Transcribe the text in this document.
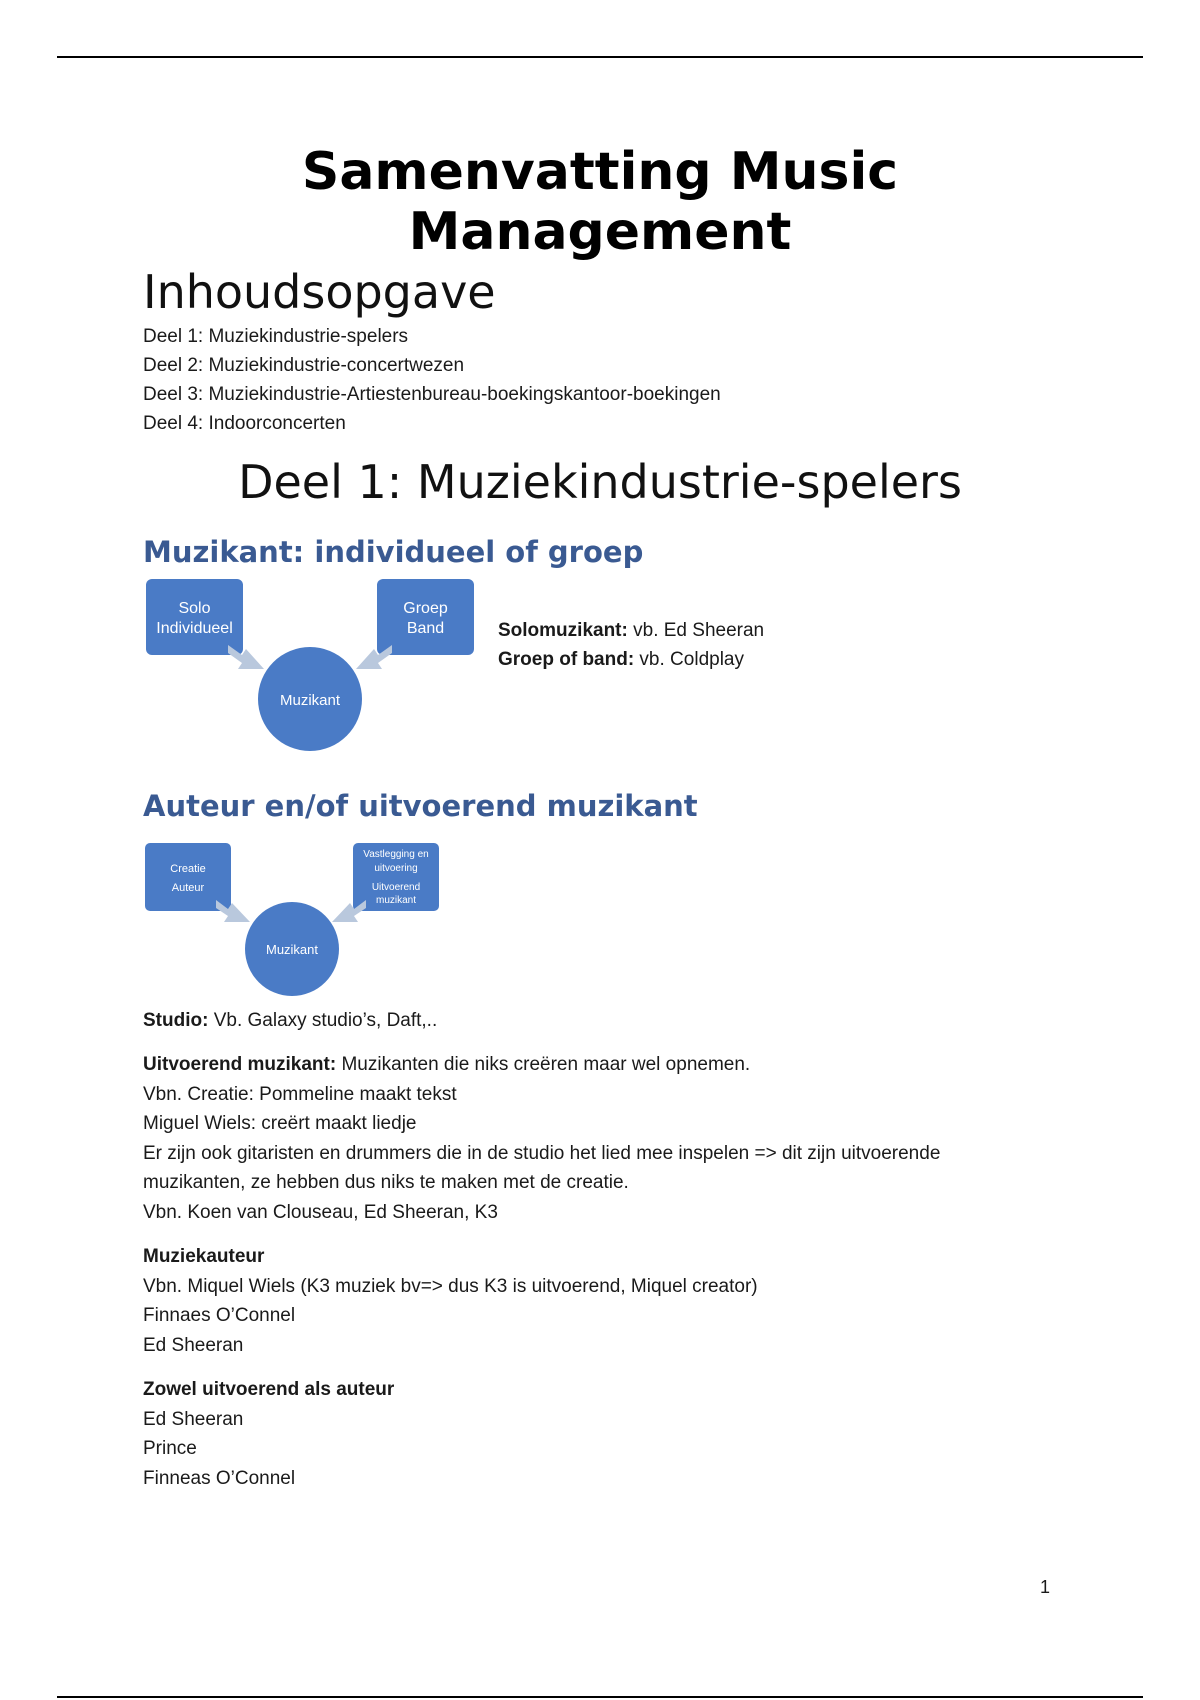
Samenvatting Music
Management
Inhoudsopgave
Deel 1: Muziekindustrie-spelers
Deel 2: Muziekindustrie-concertwezen
Deel 3: Muziekindustrie-Artiestenbureau-boekingskantoor-boekingen
Deel 4: Indoorconcerten
Deel 1: Muziekindustrie-spelers
Muzikant: individueel of groep
Solo
Individueel
Groep
Band
Muzikant
Solomuzikant: vb. Ed Sheeran
Groep of band: vb. Coldplay
Auteur en/of uitvoerend muzikant
Creatie
Auteur
Vastlegging en
uitvoering
Uitvoerend
muzikant
Muzikant
Studio: Vb. Galaxy studio’s, Daft,..
Uitvoerend muzikant: Muzikanten die niks creëren maar wel opnemen.
Vbn. Creatie: Pommeline maakt tekst
Miguel Wiels: creërt maakt liedje
Er zijn ook gitaristen en drummers die in de studio het lied mee inspelen => dit zijn uitvoerende
muzikanten, ze hebben dus niks te maken met de creatie.
Vbn. Koen van Clouseau, Ed Sheeran, K3
Muziekauteur
Vbn. Miquel Wiels (K3 muziek bv=> dus K3 is uitvoerend, Miquel creator)
Finnaes O’Connel
Ed Sheeran
Zowel uitvoerend als auteur
Ed Sheeran
Prince
Finneas O’Connel
1
